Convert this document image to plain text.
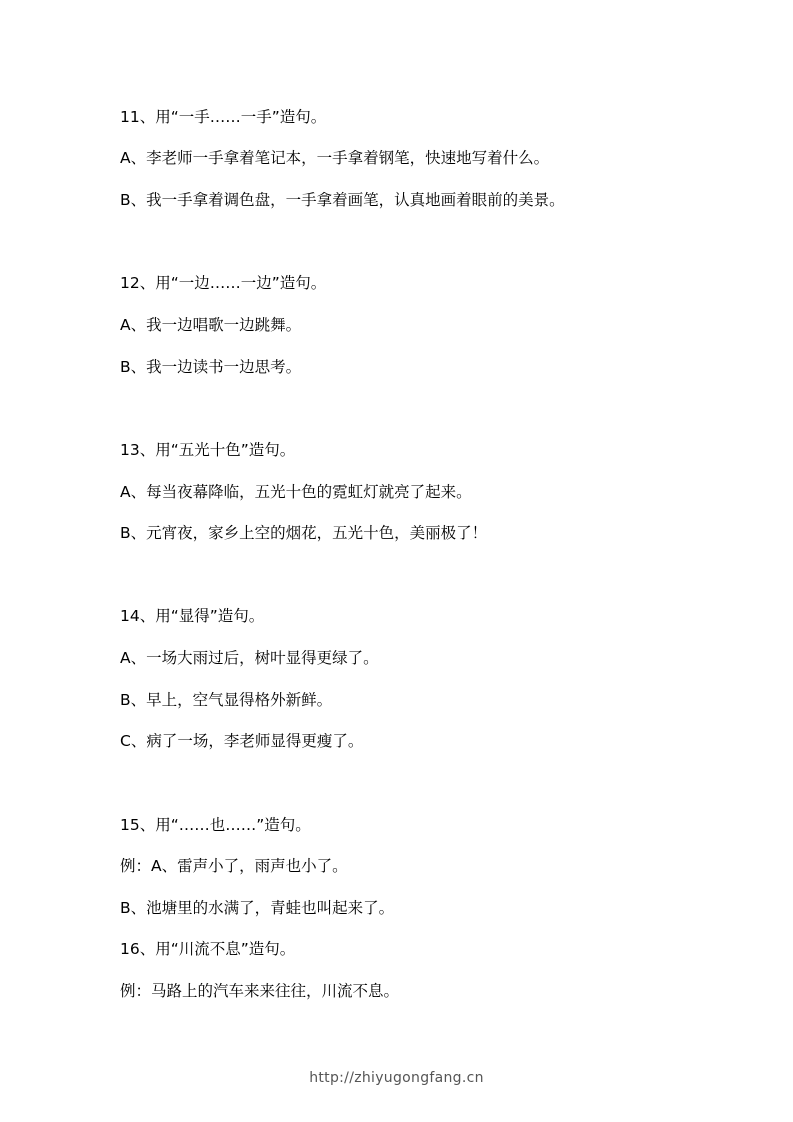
11、用“一手……一手”造句。
A、李老师一手拿着笔记本，一手拿着钢笔，快速地写着什么。
B、我一手拿着调色盘，一手拿着画笔，认真地画着眼前的美景。
12、用“一边……一边”造句。
A、我一边唱歌一边跳舞。
B、我一边读书一边思考。
13、用“五光十色”造句。
A、每当夜幕降临，五光十色的霓虹灯就亮了起来。
B、元宵夜，家乡上空的烟花，五光十色，美丽极了！
14、用“显得”造句。
A、一场大雨过后，树叶显得更绿了。
B、早上，空气显得格外新鲜。
C、病了一场，李老师显得更瘦了。
15、用“……也……”造句。
例：A、雷声小了，雨声也小了。
B、池塘里的水满了，青蛙也叫起来了。
16、用“川流不息”造句。
例：马路上的汽车来来往往，川流不息。
http://zhiyugongfang.cn
